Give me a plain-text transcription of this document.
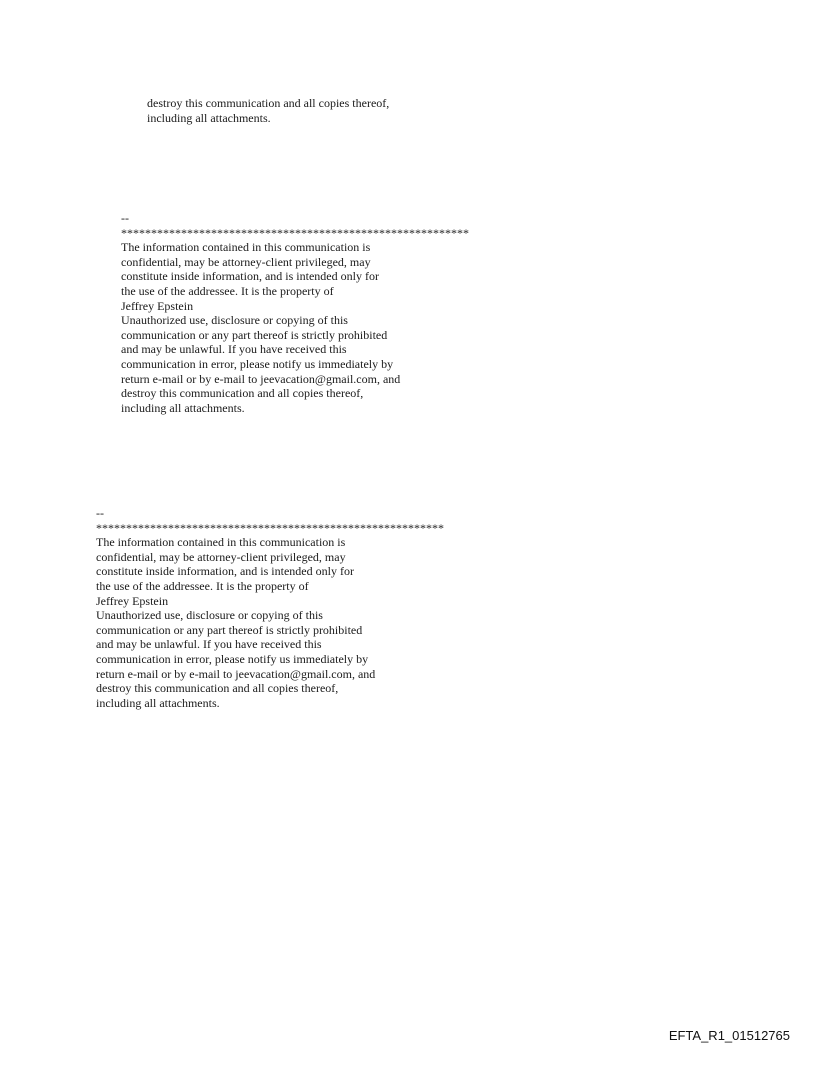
destroy this communication and all copies thereof,
including all attachments.
--
**********************************************************
The information contained in this communication is
confidential, may be attorney-client privileged, may
constitute inside information, and is intended only for
the use of the addressee. It is the property of
Jeffrey Epstein
Unauthorized use, disclosure or copying of this
communication or any part thereof is strictly prohibited
and may be unlawful. If you have received this
communication in error, please notify us immediately by
return e-mail or by e-mail to jeevacation@gmail.com, and
destroy this communication and all copies thereof,
including all attachments.
--
**********************************************************
The information contained in this communication is
confidential, may be attorney-client privileged, may
constitute inside information, and is intended only for
the use of the addressee. It is the property of
Jeffrey Epstein
Unauthorized use, disclosure or copying of this
communication or any part thereof is strictly prohibited
and may be unlawful. If you have received this
communication in error, please notify us immediately by
return e-mail or by e-mail to jeevacation@gmail.com, and
destroy this communication and all copies thereof,
including all attachments.
EFTA_R1_01512765
